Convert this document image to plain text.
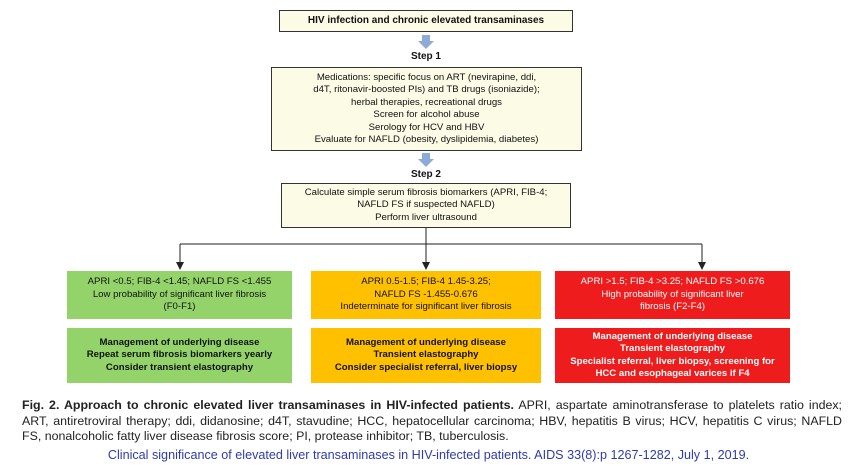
HIV infection and chronic elevated transaminases
Step 1
Medications: specific focus on ART (nevirapine, ddi,
d4T, ritonavir-boosted PIs) and TB drugs (isoniazide);
herbal therapies, recreational drugs
Screen for alcohol abuse
Serology for HCV and HBV
Evaluate for NAFLD (obesity, dyslipidemia, diabetes)
Step 2
Calculate simple serum fibrosis biomarkers (APRI, FIB-4;
NAFLD FS if suspected NAFLD)
Perform liver ultrasound
APRI <0.5; FIB-4 <1.45; NAFLD FS <1.455
Low probability of significant liver fibrosis
(F0-F1)
APRI 0.5-1.5; FIB-4 1.45-3.25;
NAFLD FS -1.455-0.676
Indeterminate for significant liver fibrosis
APRI >1.5; FIB-4 >3.25; NAFLD FS >0.676
High probability of significant liver
fibrosis (F2-F4)
Management of underlying disease
Repeat serum fibrosis biomarkers yearly
Consider transient elastography
Management of underlying disease
Transient elastography
Consider specialist referral, liver biopsy
Management of underlying disease
Transient elastography
Specialist referral, liver biopsy, screening for
HCC and esophageal varices if F4
Fig. 2. Approach to chronic elevated liver transaminases in HIV-infected patients. APRI, aspartate aminotransferase to platelets ratio index; ART, antiretroviral therapy; ddi, didanosine; d4T, stavudine; HCC, hepatocellular carcinoma; HBV, hepatitis B virus; HCV, hepatitis C virus; NAFLD FS, nonalcoholic fatty liver disease fibrosis score; PI, protease inhibitor; TB, tuberculosis.
Clinical significance of elevated liver transaminases in HIV-infected patients. AIDS 33(8):p 1267-1282, July 1, 2019.
